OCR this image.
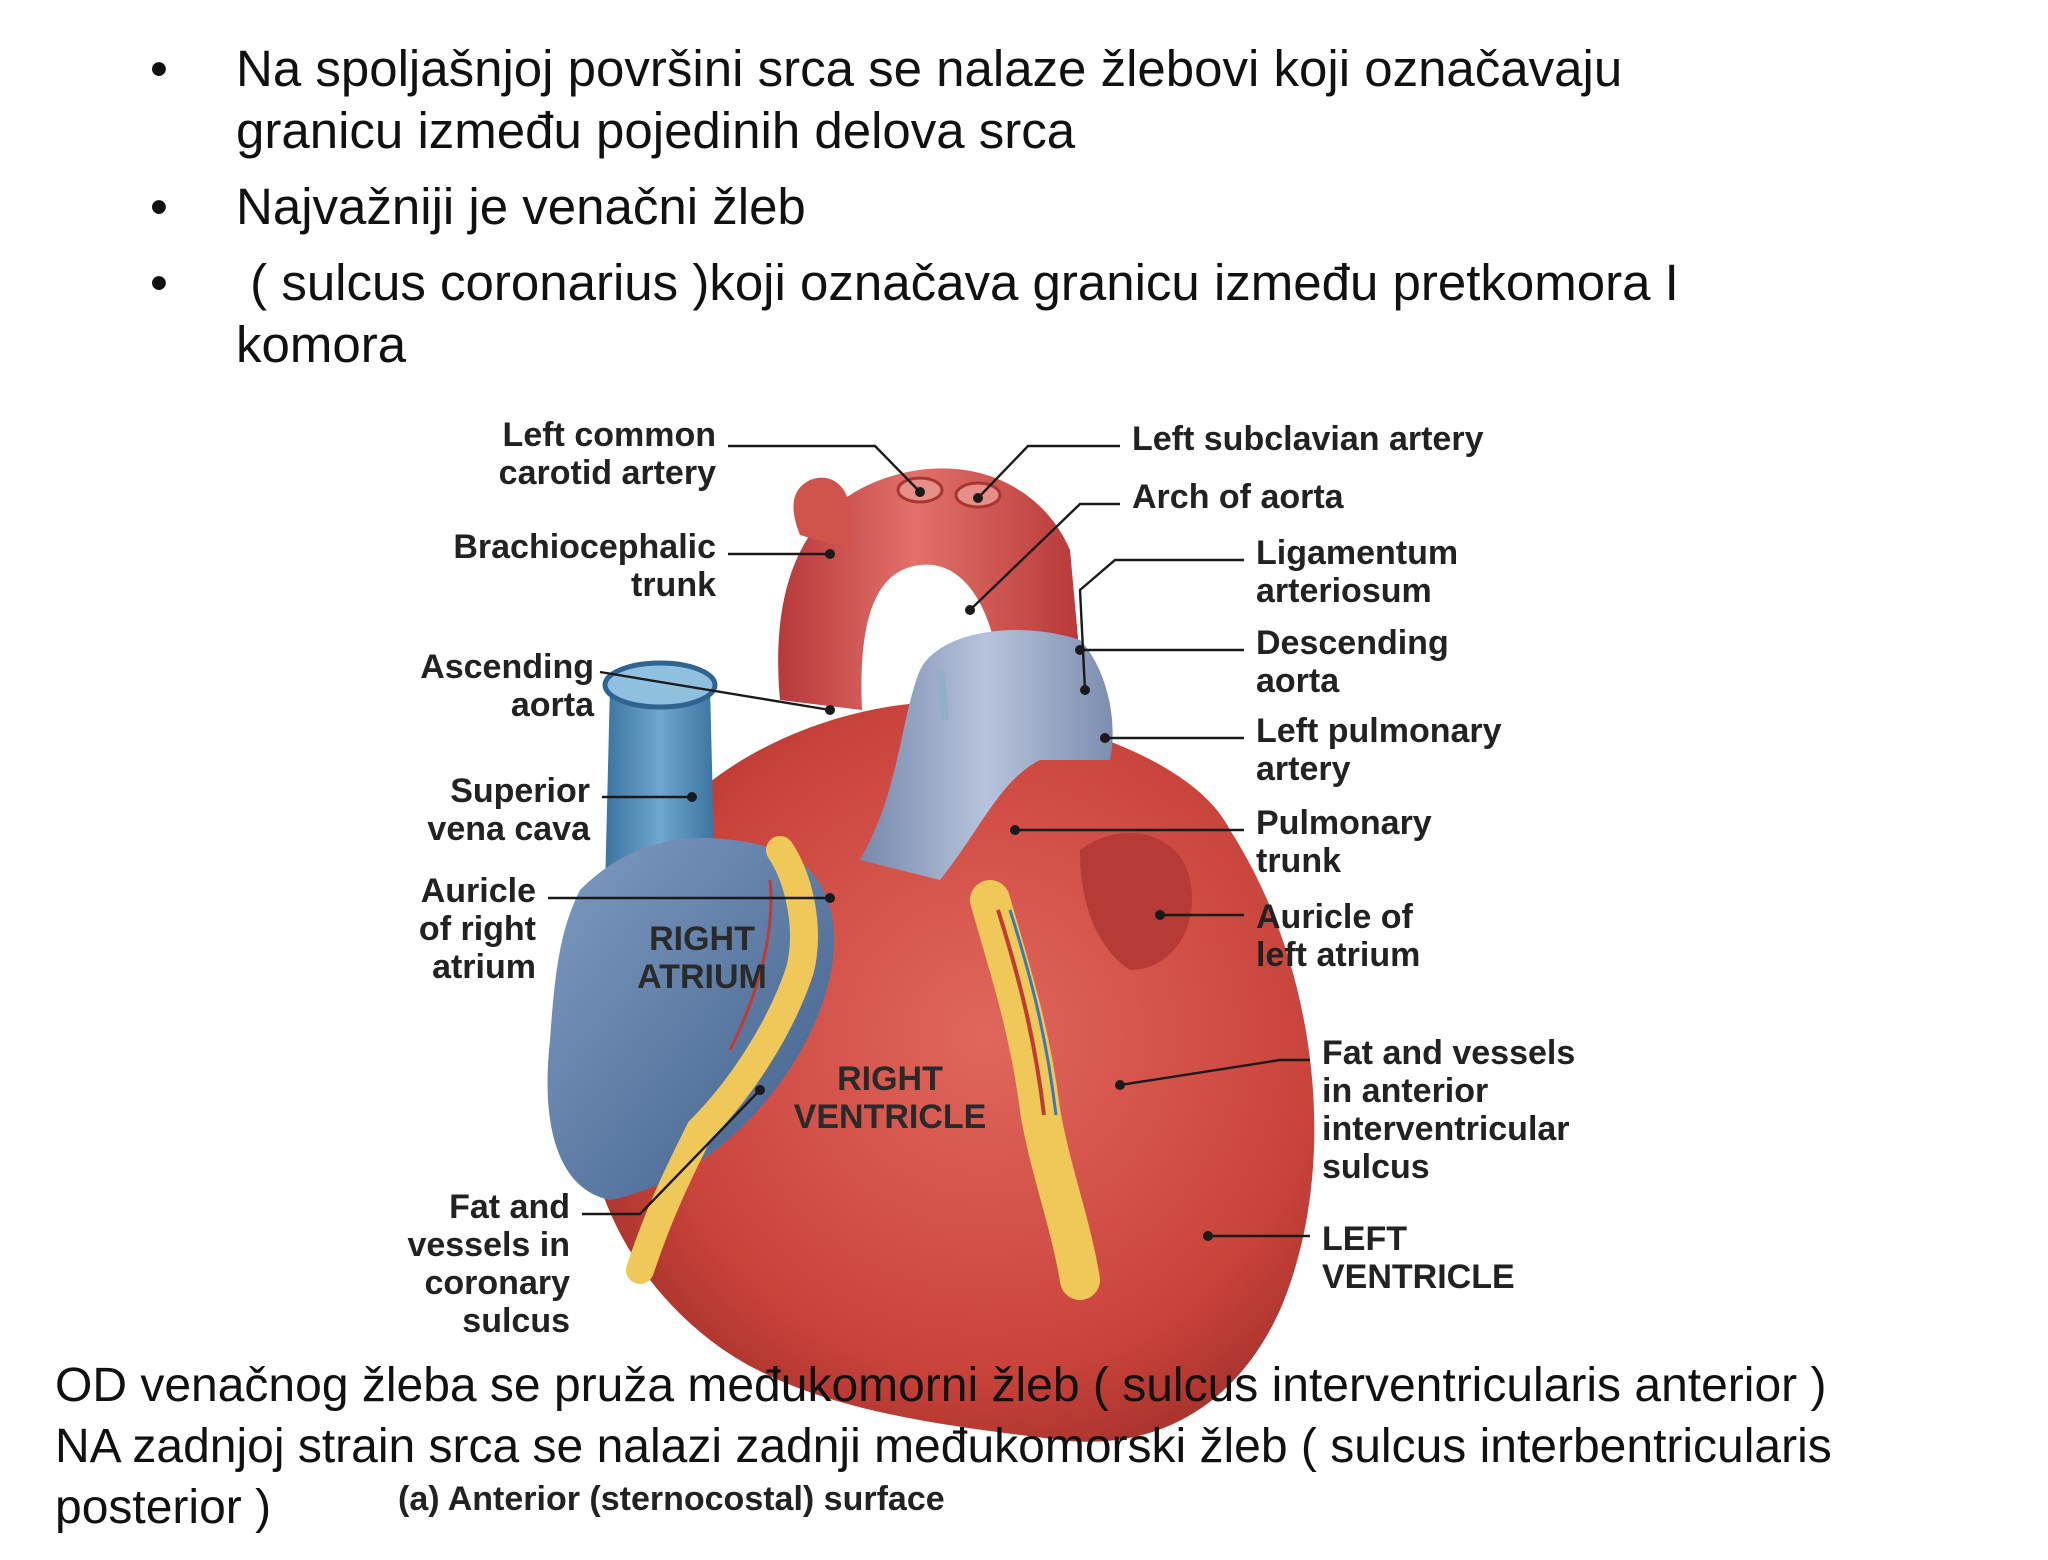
• Na spoljašnjoj površini srca se nalaze žlebovi koji označavaju
granicu između pojedinih delova srca
• Najvažniji je venačni žleb
• ( sulcus coronarius )koji označava granicu između pretkomora I
komora
Left common
carotid artery
Brachiocephalic
trunk
Ascending
aorta
Superior
vena cava
Auricle
of right
atrium
Fat and
vessels in
coronary
sulcus
Left subclavian artery
Arch of aorta
Ligamentum
arteriosum
Descending
aorta
Left pulmonary
artery
Pulmonary
trunk
Auricle of
left atrium
Fat and vessels
in anterior
interventricular
sulcus
LEFT
VENTRICLE
RIGHT
ATRIUM
RIGHT
VENTRICLE
(a) Anterior (sternocostal) surface
OD venačnog žleba se pruža međukomorni žleb ( sulcus interventricularis anterior )
NA zadnjoj strain srca se nalazi zadnji međukomorski žleb ( sulcus interbentricularis
posterior )
